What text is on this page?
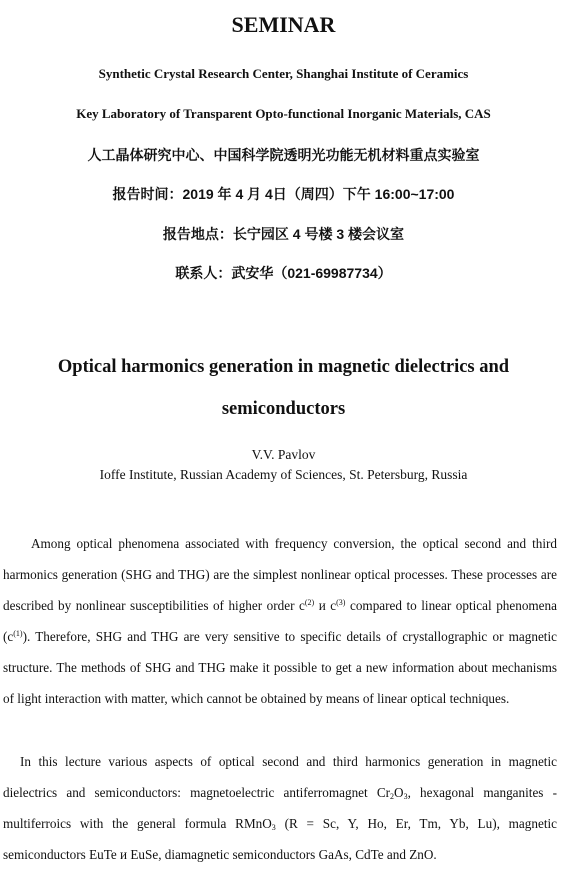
SEMINAR
Synthetic Crystal Research Center, Shanghai Institute of Ceramics
Key Laboratory of Transparent Opto-functional Inorganic Materials, CAS
人工晶体研究中心、中国科学院透明光功能无机材料重点实验室
报告时间：2019 年 4 月 4日（周四）下午 16:00~17:00
报告地点：长宁园区 4 号楼 3 楼会议室
联系人：武安华（021-69987734）
Optical harmonics generation in magnetic dielectrics and
semiconductors
V.V. Pavlov
Ioffe Institute, Russian Academy of Sciences, St. Petersburg, Russia
Among optical phenomena associated with frequency conversion, the optical second and third harmonics generation (SHG and THG) are the simplest nonlinear optical processes. These processes are described by nonlinear susceptibilities of higher order $c^{(2)}$ и $c^{(3)}$ compared to linear optical phenomena $(c^{(1)})$. Therefore, SHG and THG are very sensitive to specific details of crystallographic or magnetic structure. The methods of SHG and THG make it possible to get a new information about mechanisms of light interaction with matter, which cannot be obtained by means of linear optical techniques.
In this lecture various aspects of optical second and third harmonics generation in magnetic dielectrics and semiconductors: magnetoelectric antiferromagnet $Cr_2O_3$, hexagonal manganites - multiferroics with the general formula RMnO$_3$ (R = Sc, Y, Ho, Er, Tm, Yb, Lu), magnetic semiconductors EuTe и EuSe, diamagnetic semiconductors GaAs, CdTe and ZnO.
